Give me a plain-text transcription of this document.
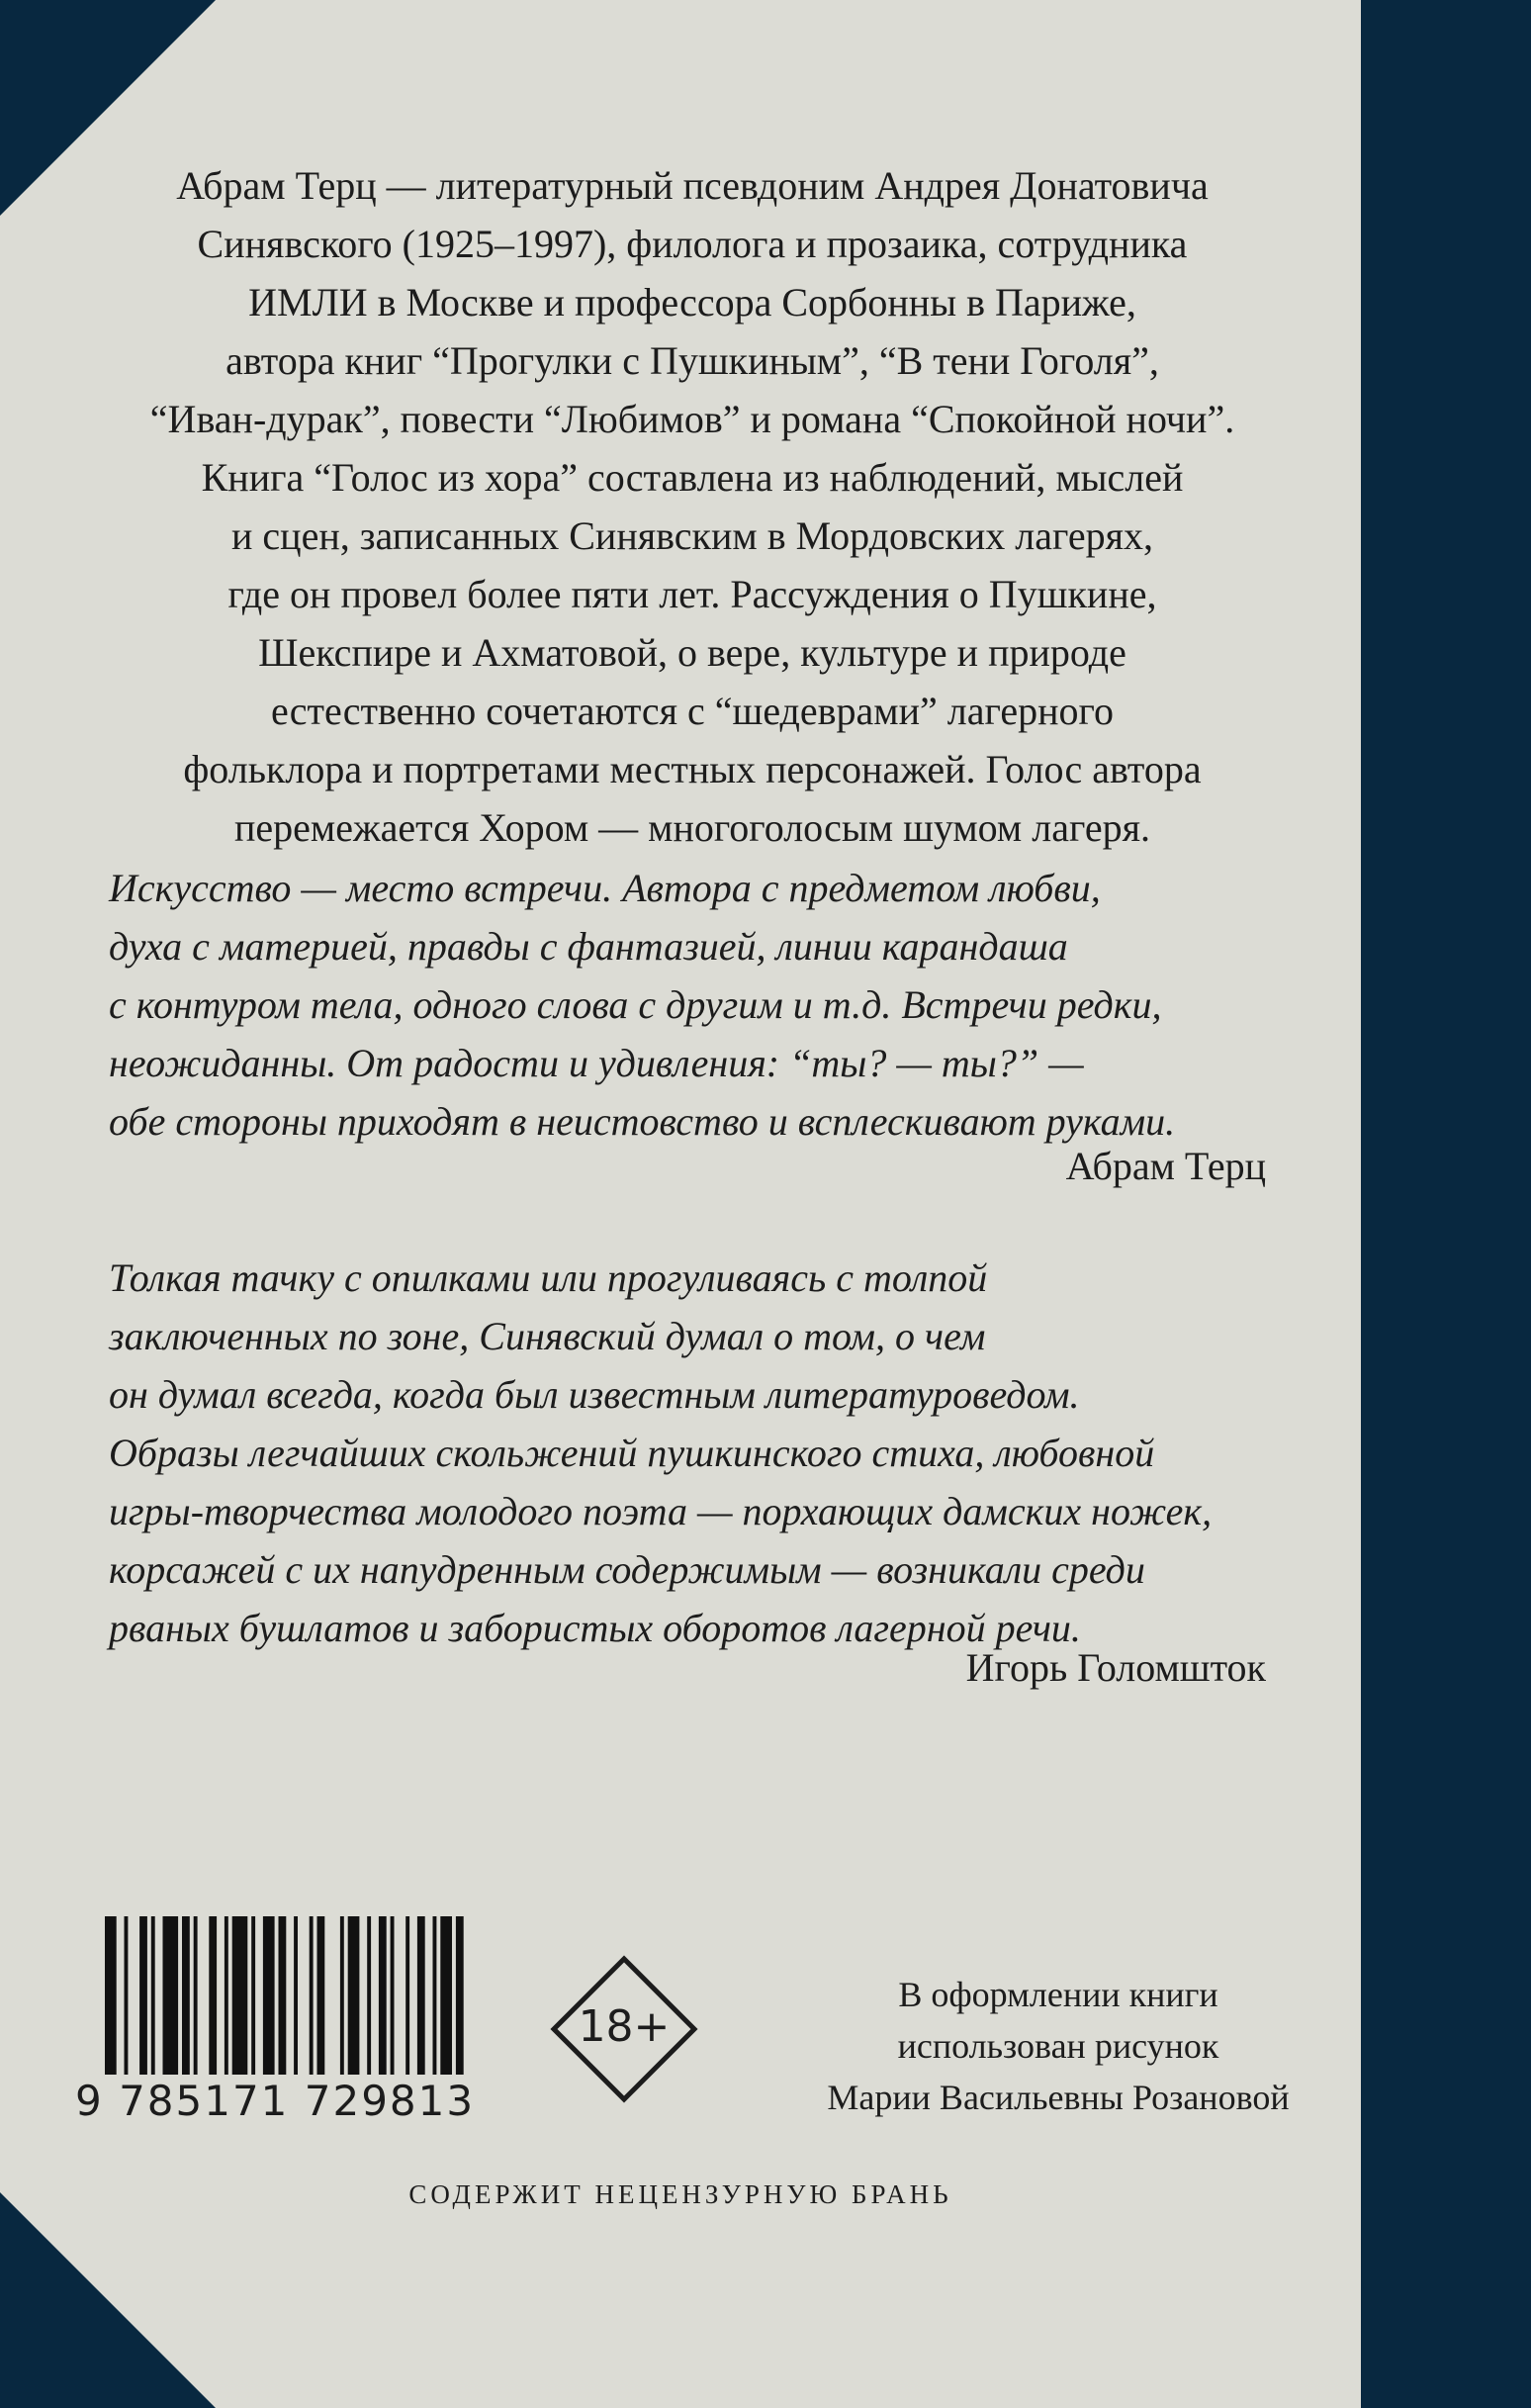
Абрам Терц — литературный псевдоним Андрея Донатовича
Синявского (1925–1997), филолога и прозаика, сотрудника
ИМЛИ в Москве и профессора Сорбонны в Париже,
автора книг “Прогулки с Пушкиным”, “В тени Гоголя”,
“Иван-дурак”, повести “Любимов” и романа “Спокойной ночи”.
Книга “Голос из хора” составлена из наблюдений, мыслей
и сцен, записанных Синявским в Мордовских лагерях,
где он провел более пяти лет. Рассуждения о Пушкине,
Шекспире и Ахматовой, о вере, культуре и природе
естественно сочетаются с “шедеврами” лагерного
фольклора и портретами местных персонажей. Голос автора
перемежается Хором — многоголосым шумом лагеря.
Искусство — место встречи. Автора с предметом любви,
духа с материей, правды с фантазией, линии карандаша
с контуром тела, одного слова с другим и т.д. Встречи редки,
неожиданны. От радости и удивления: “ты? — ты?” —
обе стороны приходят в неистовство и всплескивают руками.
Абрам Терц
Толкая тачку с опилками или прогуливаясь с толпой
заключенных по зоне, Синявский думал о том, о чем
он думал всегда, когда был известным литературоведом.
Образы легчайших скольжений пушкинского стиха, любовной
игры-творчества молодого поэта — порхающих дамских ножек,
корсажей с их напудренным содержимым — возникали среди
рваных бушлатов и забористых оборотов лагерной речи.
Игорь Голомшток
9 785171 729813
18+
В оформлении книги
использован рисунок
Марии Васильевны Розановой
СОДЕРЖИТ НЕЦЕНЗУРНУЮ БРАНЬ
